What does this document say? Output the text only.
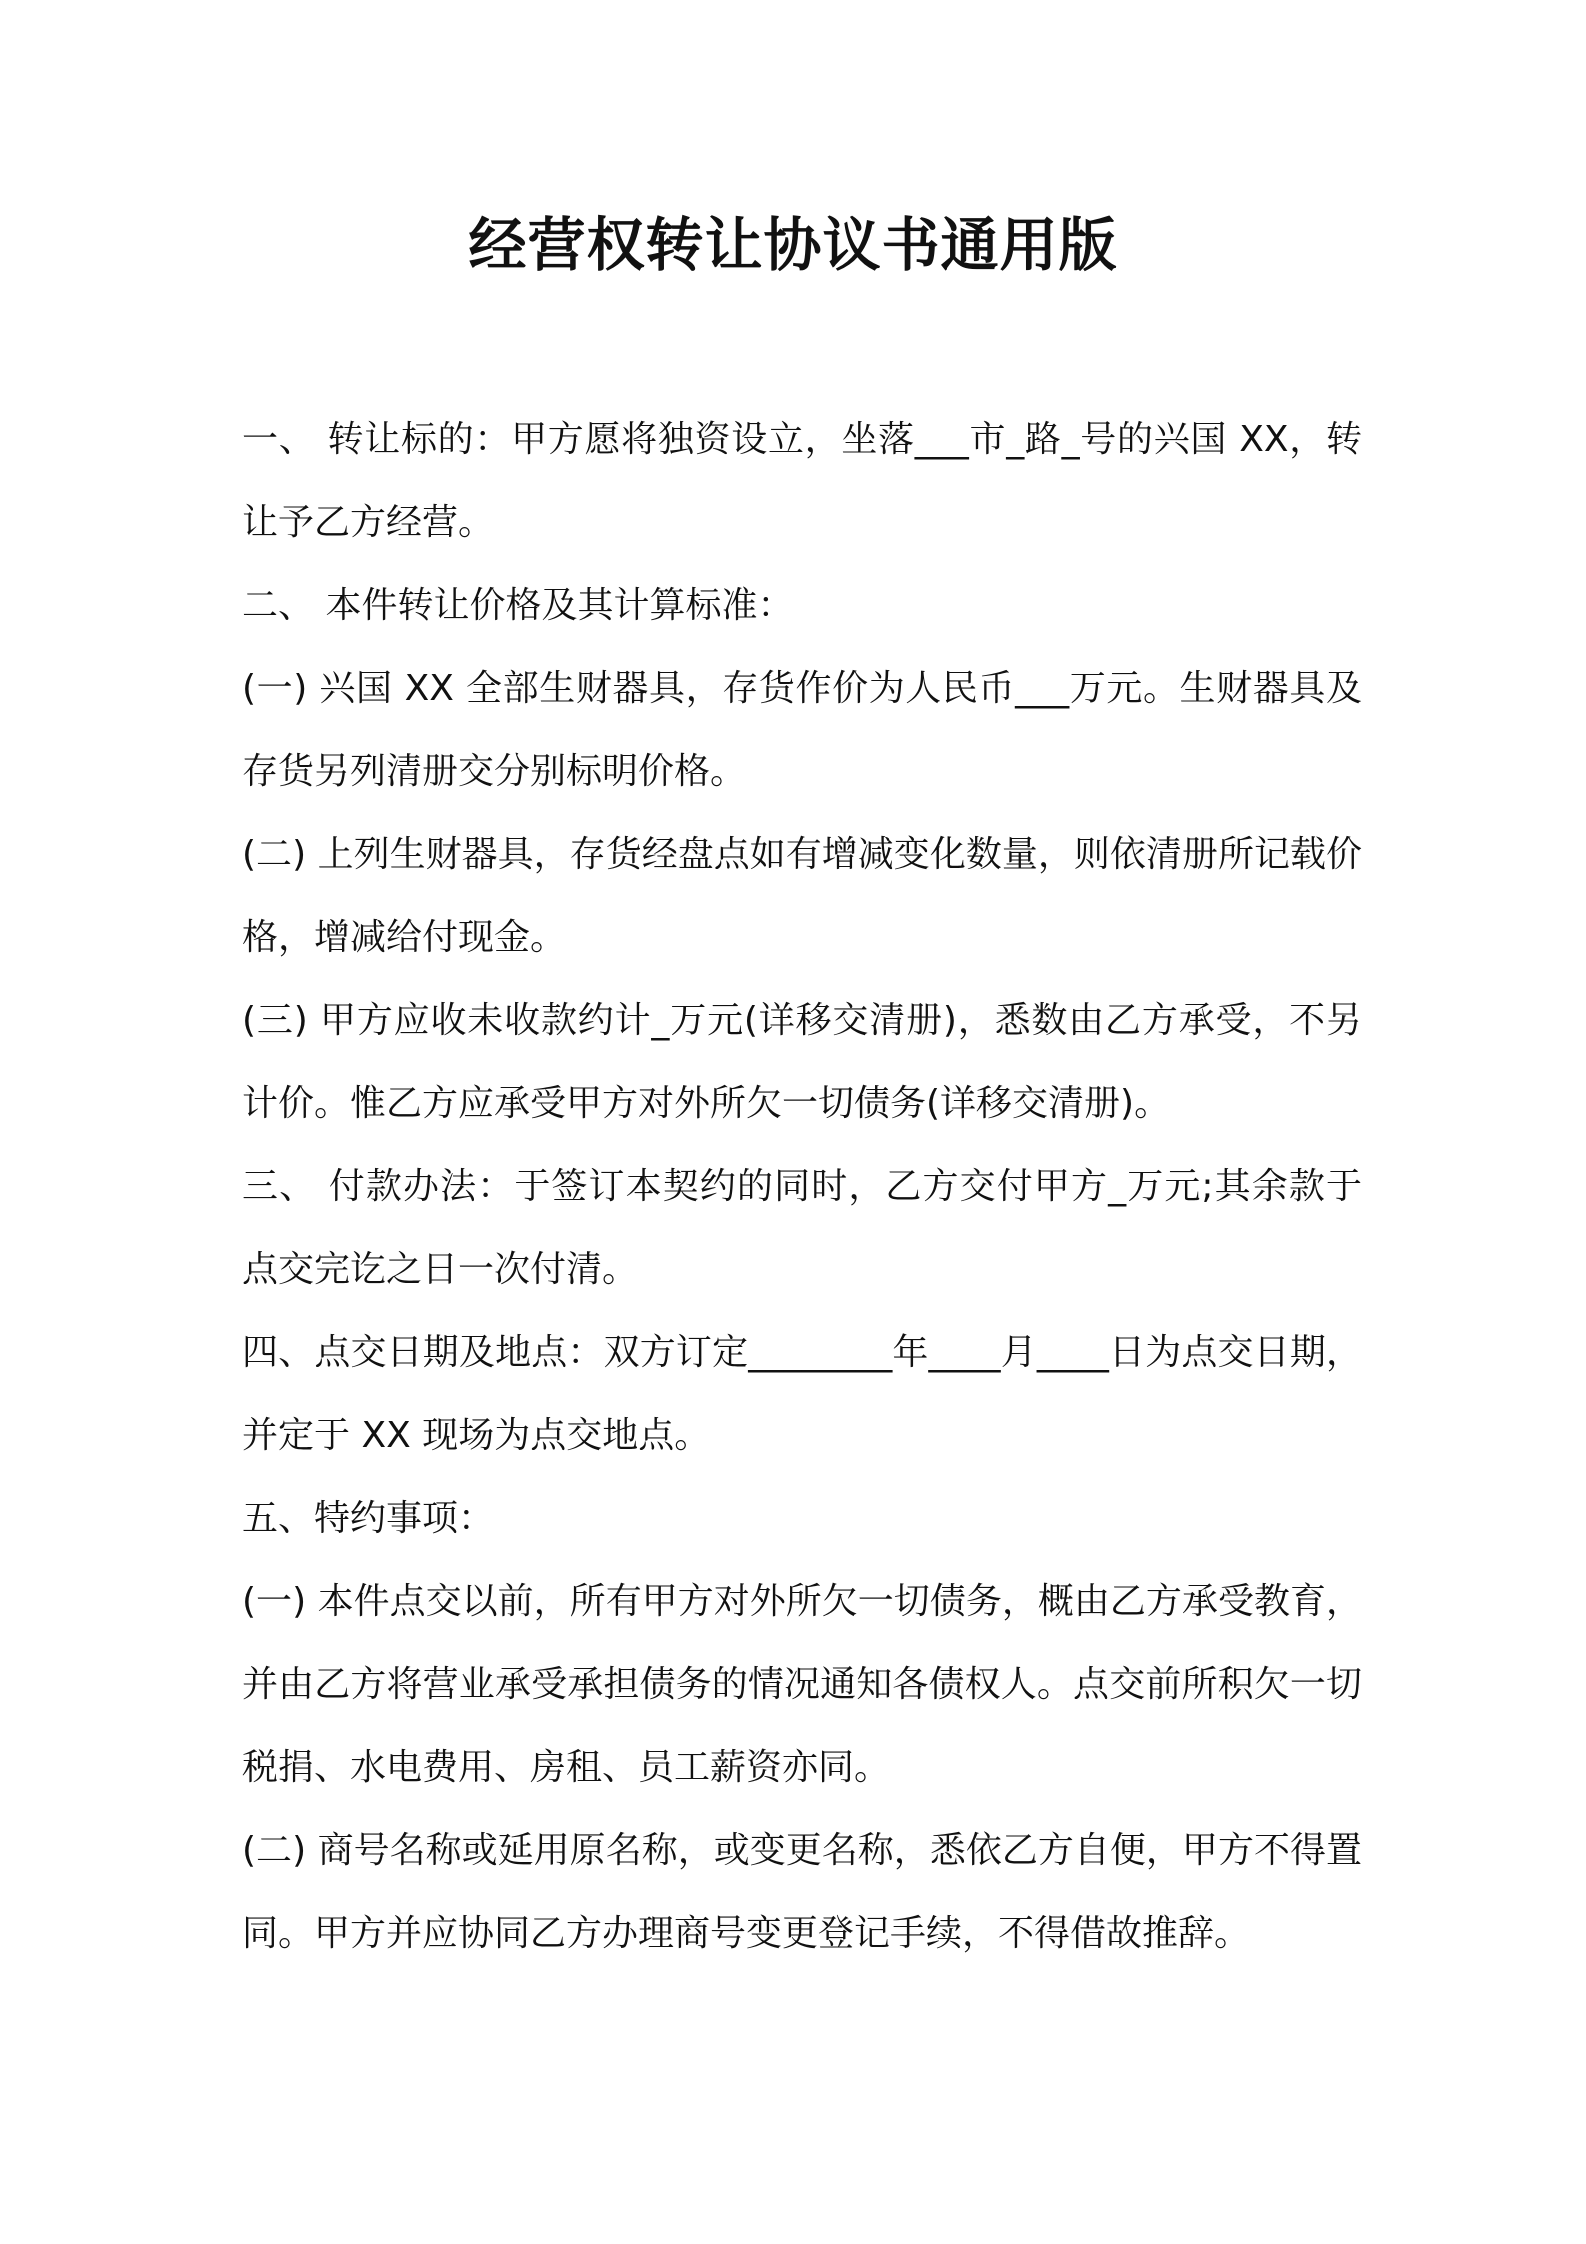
经营权转让协议书通用版

一、 转让标的：甲方愿将独资设立，坐落___市_路_号的兴国 XX，转让予乙方经营。

二、 本件转让价格及其计算标准：

(一) 兴国 XX 全部生财器具，存货作价为人民币___万元。生财器具及存货另列清册交分别标明价格。

(二) 上列生财器具，存货经盘点如有增减变化数量，则依清册所记载价格，增减给付现金。

(三) 甲方应收未收款约计_万元(详移交清册)，悉数由乙方承受，不另计价。惟乙方应承受甲方对外所欠一切债务(详移交清册)。

三、 付款办法：于签订本契约的同时，乙方交付甲方_万元;其余款于点交完讫之日一次付清。

四、点交日期及地点：双方订定________年____月____日为点交日期，并定于 XX 现场为点交地点。

五、特约事项：

(一) 本件点交以前，所有甲方对外所欠一切债务，概由乙方承受教育，并由乙方将营业承受承担债务的情况通知各债权人。点交前所积欠一切税捐、水电费用、房租、员工薪资亦同。

(二) 商号名称或延用原名称，或变更名称，悉依乙方自便，甲方不得置同。甲方并应协同乙方办理商号变更登记手续，不得借故推辞。
